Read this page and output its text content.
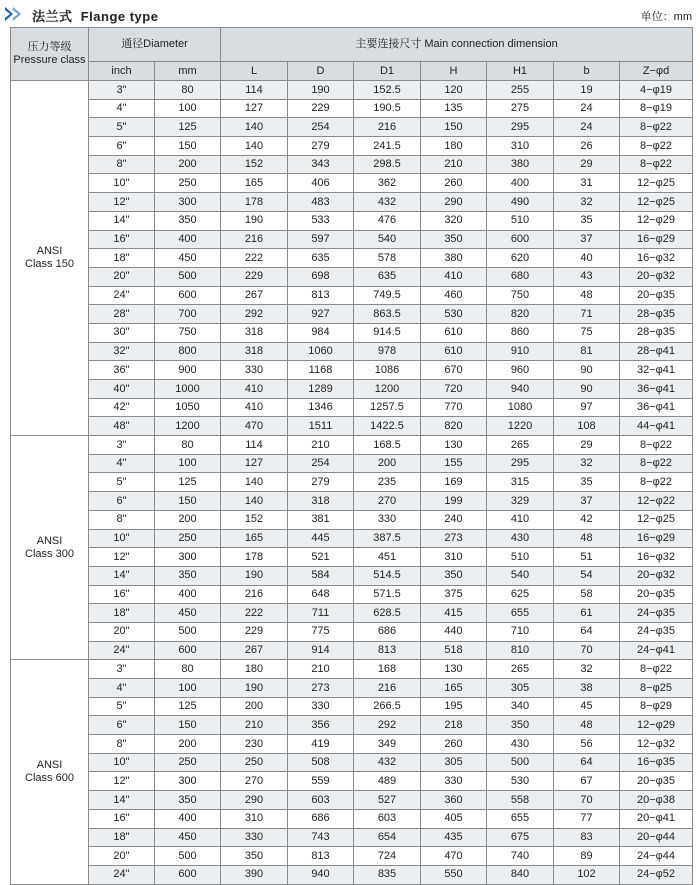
法兰式  Flange type	单位：mm
压力等级
Pressure class	通径Diameter		主要连接尺寸 Main connection dimension						
	inch	mm	L	D	D1	H	H1	b	Z−φd

ANSI
Class 150	3"	80	114	190	152.5	120	255	19	4−φ19
	4"	100	127	229	190.5	135	275	24	8−φ19
	5"	125	140	254	216	150	295	24	8−φ22
	6"	150	140	279	241.5	180	310	26	8−φ22
	8"	200	152	343	298.5	210	380	29	8−φ22
	10"	250	165	406	362	260	400	31	12−φ25
	12"	300	178	483	432	290	490	32	12−φ25
	14"	350	190	533	476	320	510	35	12−φ29
	16"	400	216	597	540	350	600	37	16−φ29
	18"	450	222	635	578	380	620	40	16−φ32
	20"	500	229	698	635	410	680	43	20−φ32
	24"	600	267	813	749.5	460	750	48	20−φ35
	28"	700	292	927	863.5	530	820	71	28−φ35
	30"	750	318	984	914.5	610	860	75	28−φ35
	32"	800	318	1060	978	610	910	81	28−φ41
	36"	900	330	1168	1086	670	960	90	32−φ41
	40"	1000	410	1289	1200	720	940	90	36−φ41
	42"	1050	410	1346	1257.5	770	1080	97	36−φ41
	48"	1200	470	1511	1422.5	820	1220	108	44−φ41

ANSI
Class 300	3"	80	114	210	168.5	130	265	29	8−φ22
	4"	100	127	254	200	155	295	32	8−φ22
	5"	125	140	279	235	169	315	35	8−φ22
	6"	150	140	318	270	199	329	37	12−φ22
	8"	200	152	381	330	240	410	42	12−φ25
	10"	250	165	445	387.5	273	430	48	16−φ29
	12"	300	178	521	451	310	510	51	16−φ32
	14"	350	190	584	514.5	350	540	54	20−φ32
	16"	400	216	648	571.5	375	625	58	20−φ35
	18"	450	222	711	628.5	415	655	61	24−φ35
	20"	500	229	775	686	440	710	64	24−φ35
	24"	600	267	914	813	518	810	70	24−φ41

ANSI
Class 600	3"	80	180	210	168	130	265	32	8−φ22
	4"	100	190	273	216	165	305	38	8−φ25
	5"	125	200	330	266.5	195	340	45	8−φ29
	6"	150	210	356	292	218	350	48	12−φ29
	8"	200	230	419	349	260	430	56	12−φ32
	10"	250	250	508	432	305	500	64	16−φ35
	12"	300	270	559	489	330	530	67	20−φ35
	14"	350	290	603	527	360	558	70	20−φ38
	16"	400	310	686	603	405	655	77	20−φ41
	18"	450	330	743	654	435	675	83	20−φ44
	20"	500	350	813	724	470	740	89	24−φ44
	24"	600	390	940	835	550	840	102	24−φ52
